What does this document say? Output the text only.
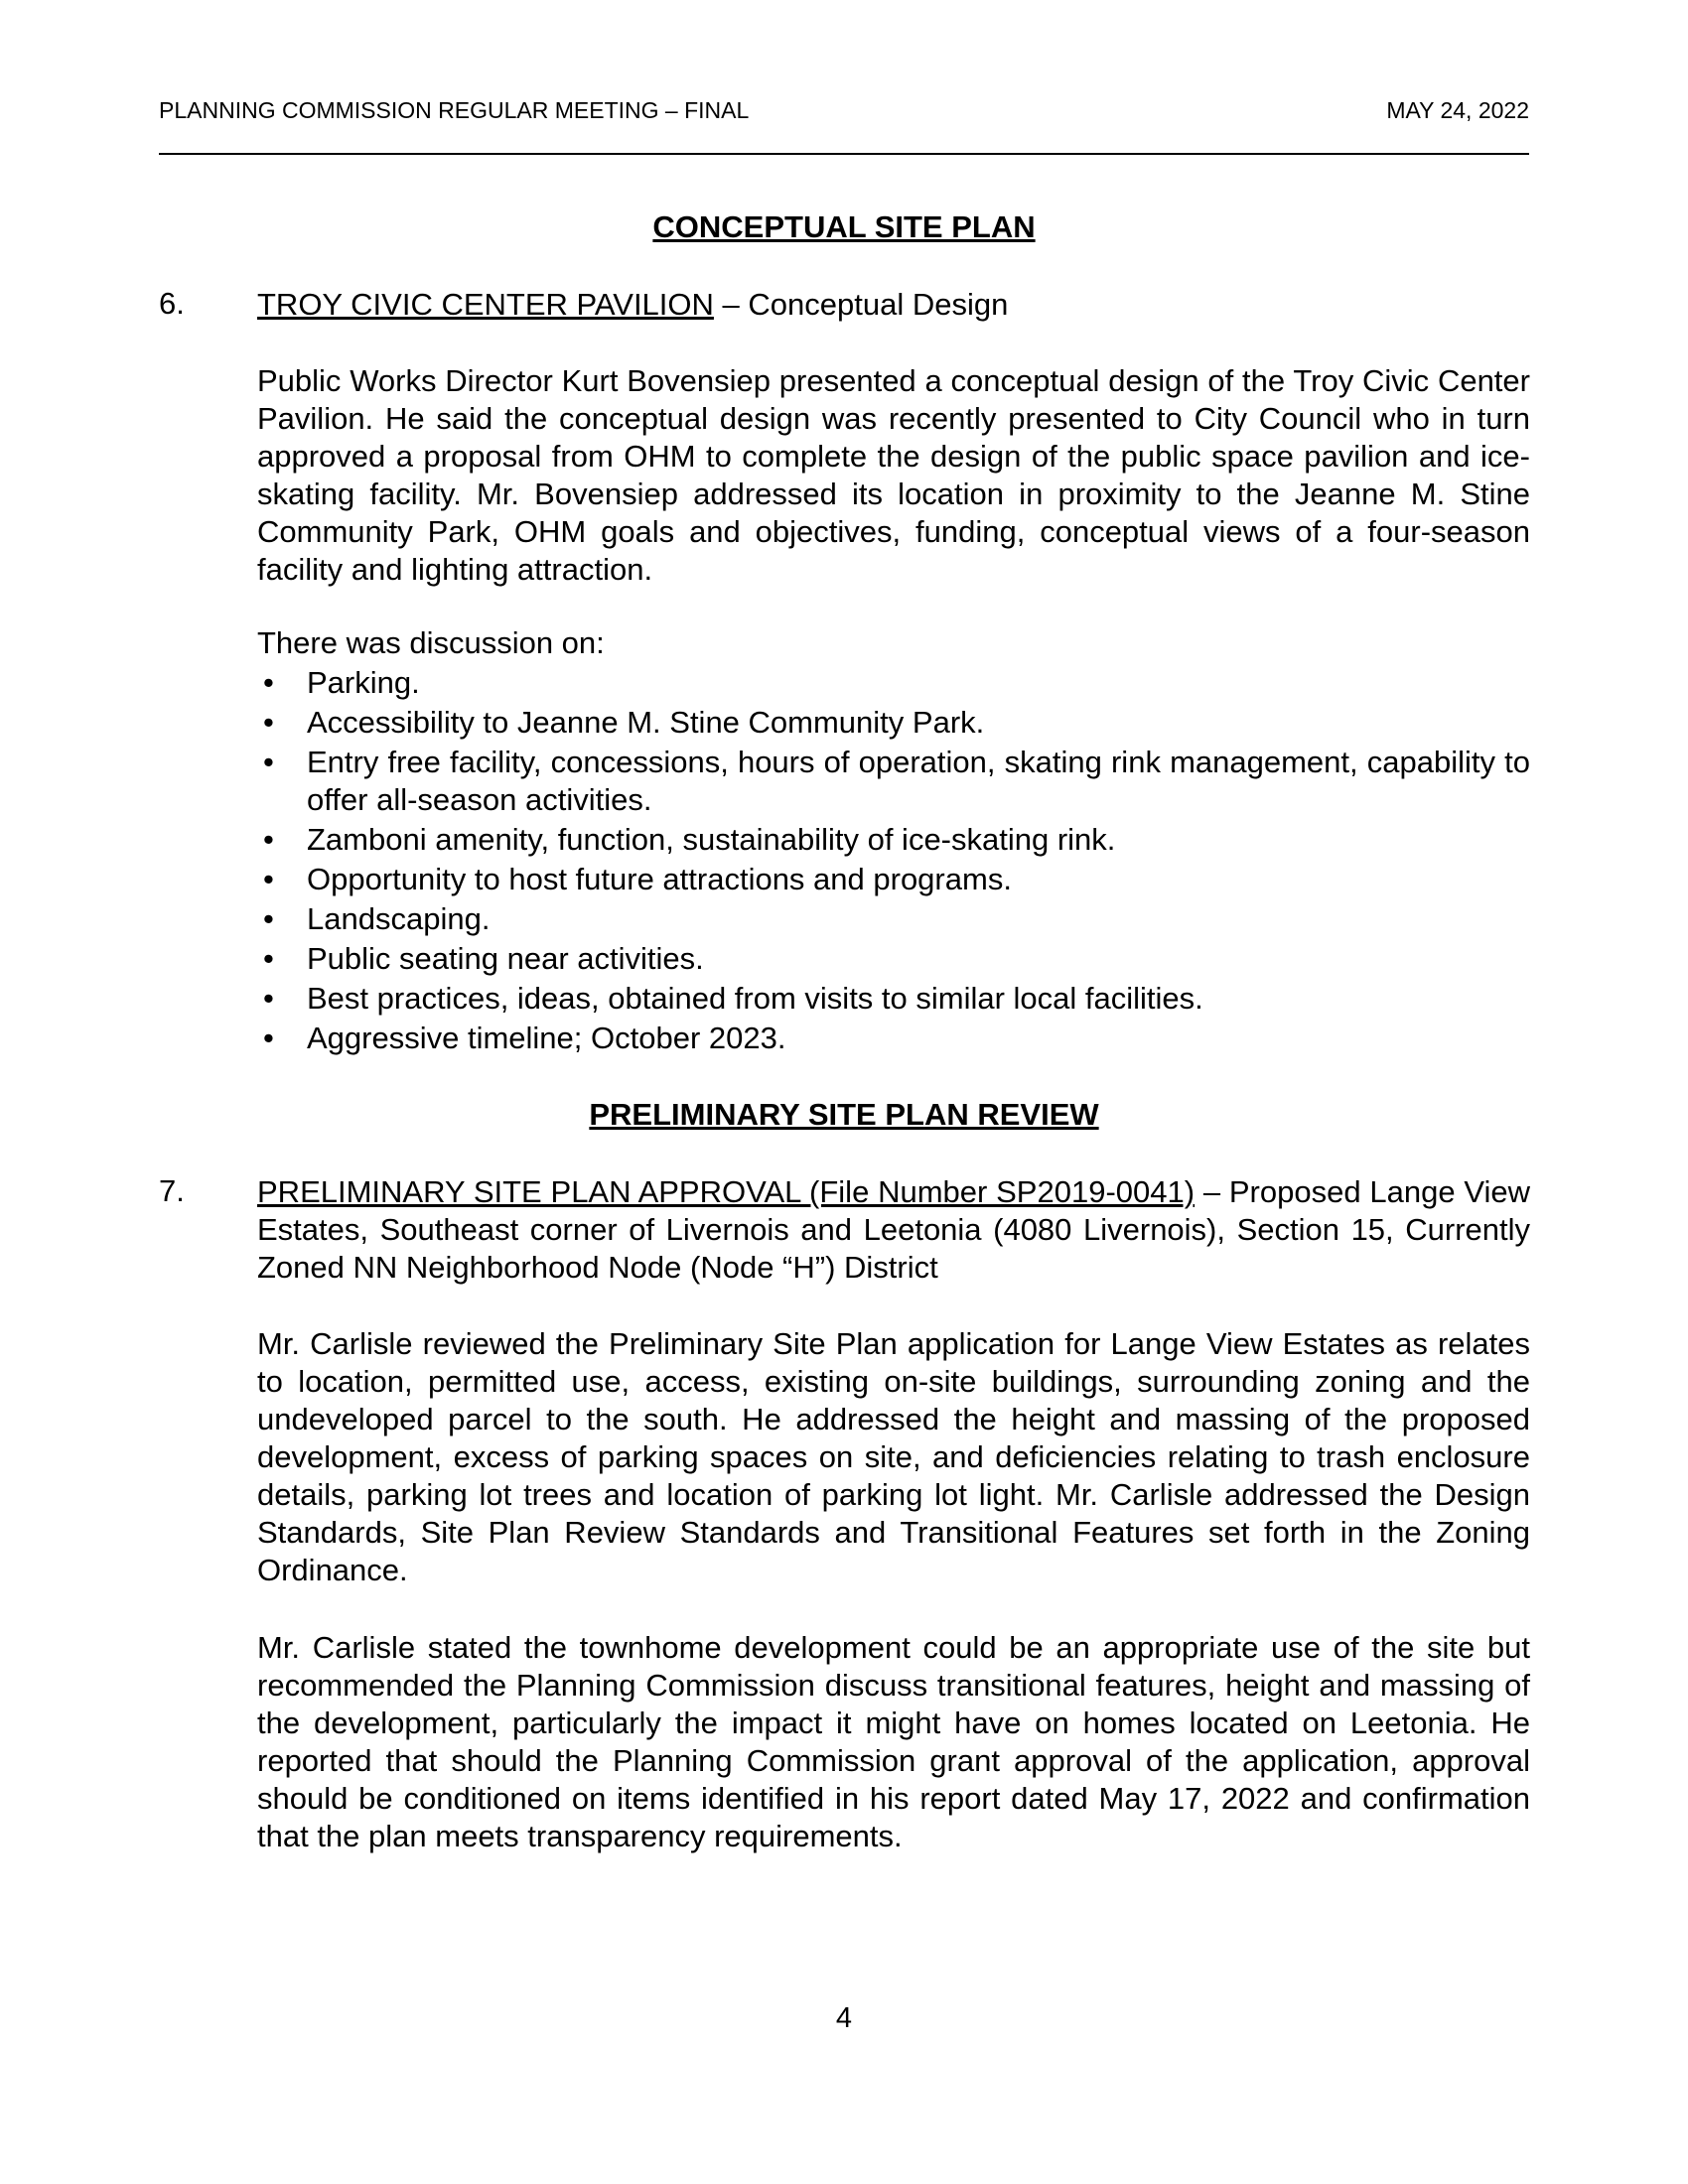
PLANNING COMMISSION REGULAR MEETING – FINAL	MAY 24, 2022
CONCEPTUAL SITE PLAN
6. TROY CIVIC CENTER PAVILION – Conceptual Design

Public Works Director Kurt Bovensiep presented a conceptual design of the Troy Civic Center Pavilion. He said the conceptual design was recently presented to City Council who in turn approved a proposal from OHM to complete the design of the public space pavilion and ice-skating facility. Mr. Bovensiep addressed its location in proximity to the Jeanne M. Stine Community Park, OHM goals and objectives, funding, conceptual views of a four-season facility and lighting attraction.

There was discussion on:

• Parking.
• Accessibility to Jeanne M. Stine Community Park.
• Entry free facility, concessions, hours of operation, skating rink management, capability to offer all-season activities.
• Zamboni amenity, function, sustainability of ice-skating rink.
• Opportunity to host future attractions and programs.
• Landscaping.
• Public seating near activities.
• Best practices, ideas, obtained from visits to similar local facilities.
• Aggressive timeline; October 2023.
PRELIMINARY SITE PLAN REVIEW
7. PRELIMINARY SITE PLAN APPROVAL (File Number SP2019-0041) – Proposed Lange View Estates, Southeast corner of Livernois and Leetonia (4080 Livernois), Section 15, Currently Zoned NN Neighborhood Node (Node “H”) District

Mr. Carlisle reviewed the Preliminary Site Plan application for Lange View Estates as relates to location, permitted use, access, existing on-site buildings, surrounding zoning and the undeveloped parcel to the south. He addressed the height and massing of the proposed development, excess of parking spaces on site, and deficiencies relating to trash enclosure details, parking lot trees and location of parking lot light. Mr. Carlisle addressed the Design Standards, Site Plan Review Standards and Transitional Features set forth in the Zoning Ordinance.

Mr. Carlisle stated the townhome development could be an appropriate use of the site but recommended the Planning Commission discuss transitional features, height and massing of the development, particularly the impact it might have on homes located on Leetonia. He reported that should the Planning Commission grant approval of the application, approval should be conditioned on items identified in his report dated May 17, 2022 and confirmation that the plan meets transparency requirements.

4
